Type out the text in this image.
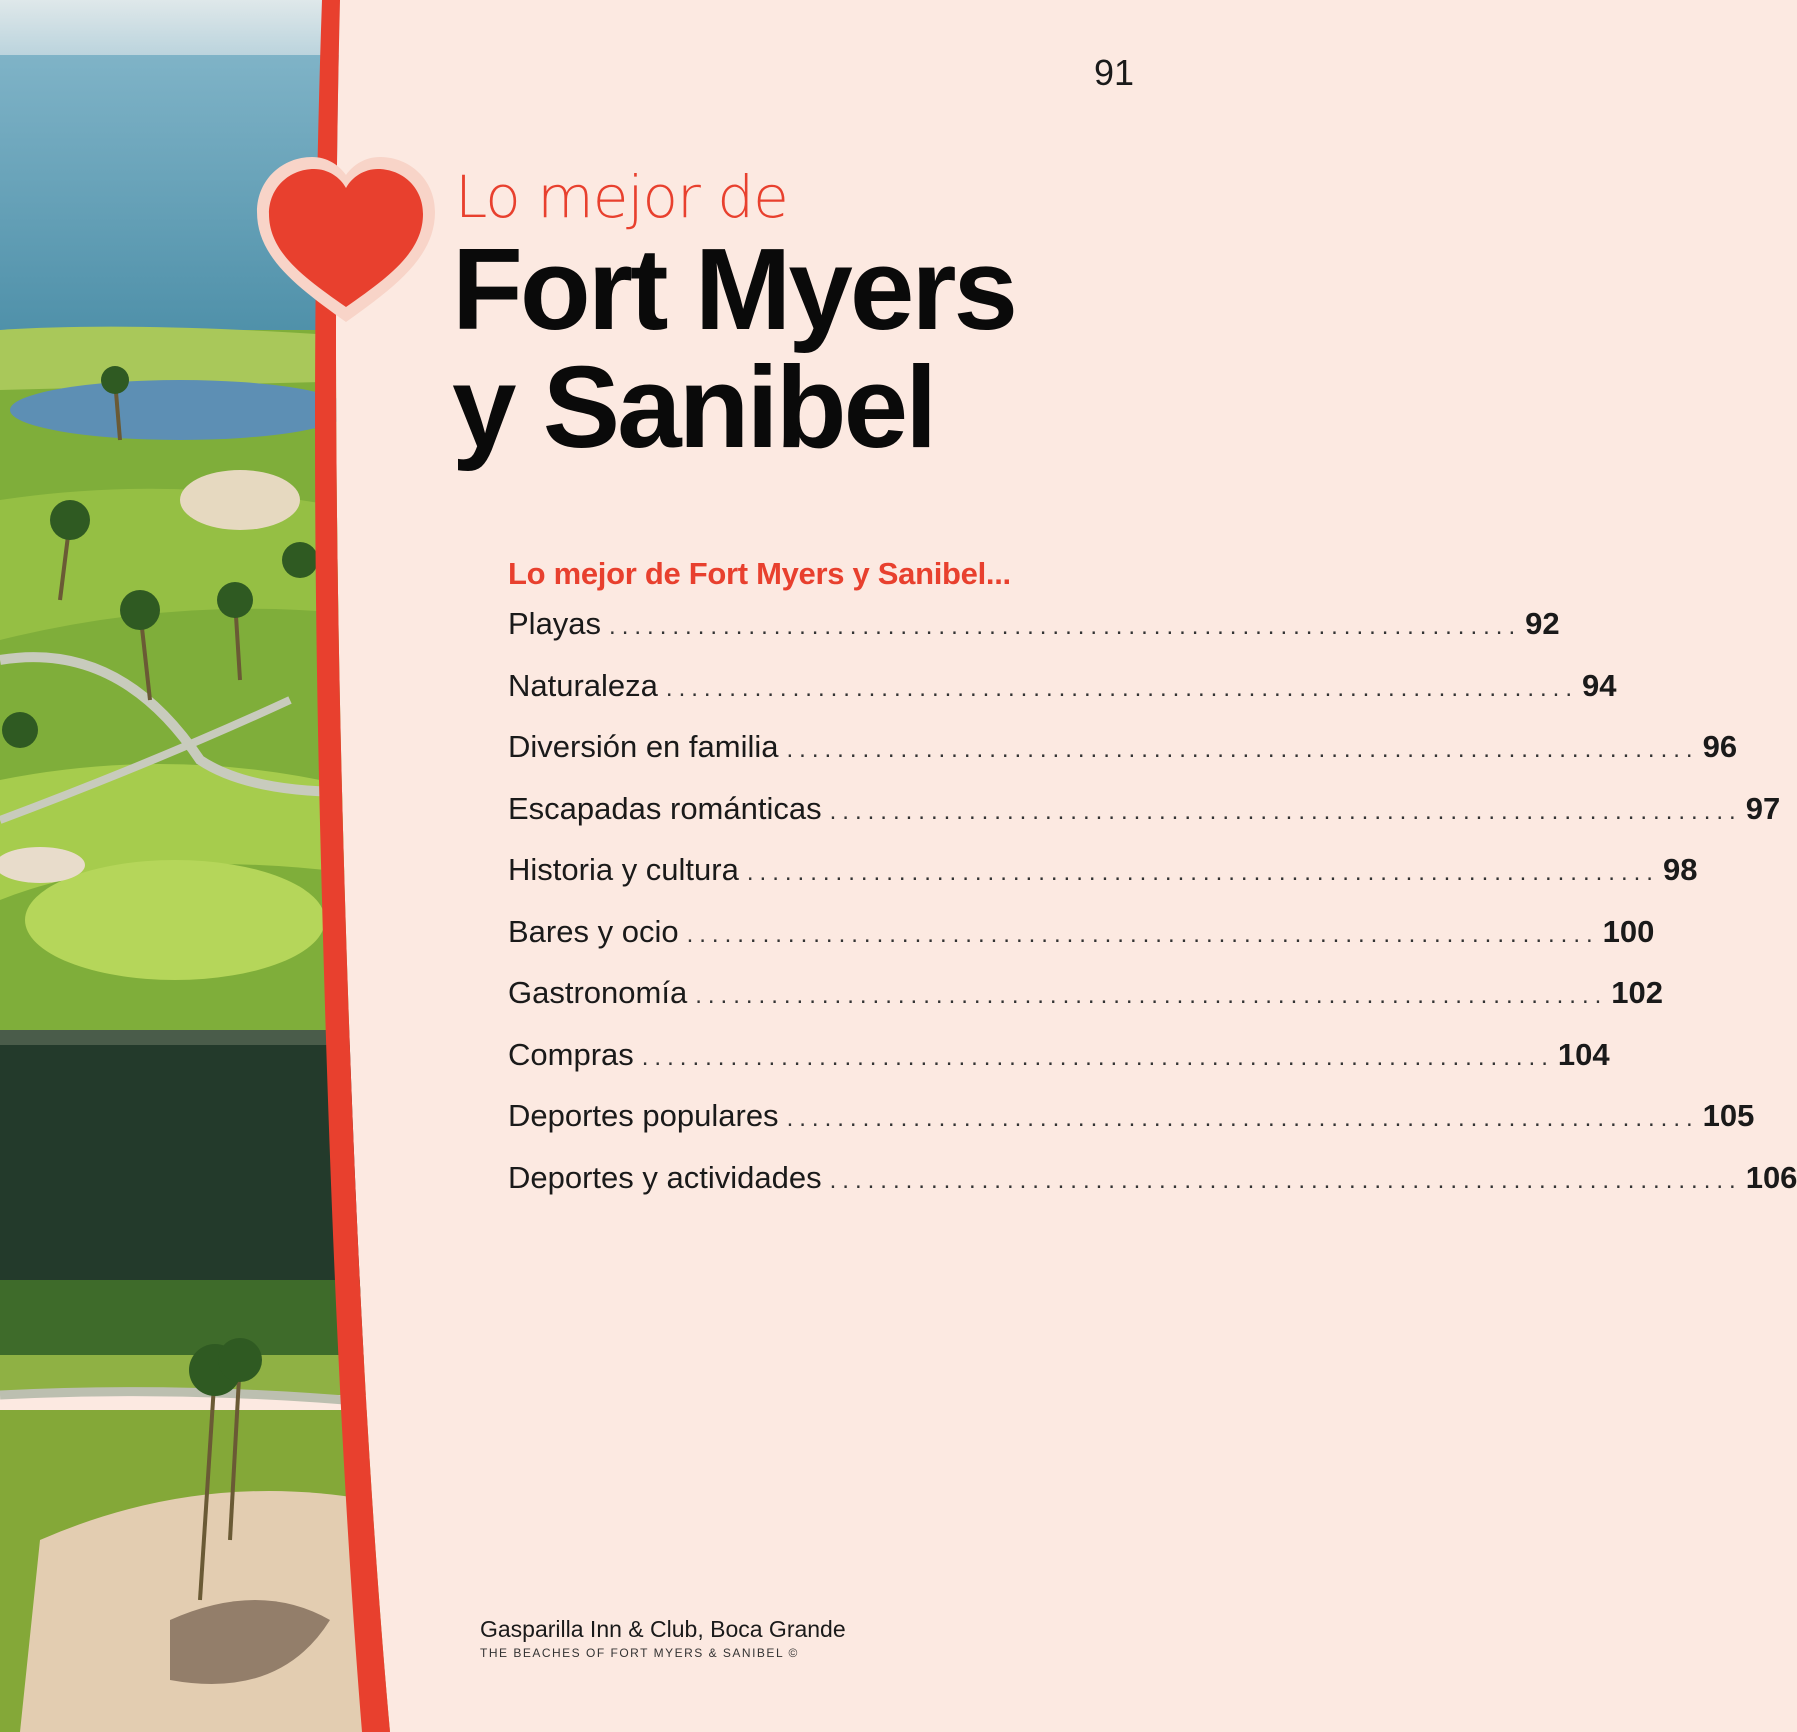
91
Lo mejor de
Fort Myers
y Sanibel
Lo mejor de Fort Myers y Sanibel...
Playas ........................................................................ 92
Naturaleza ........................................................................ 94
Diversión en familia ........................................................................ 96
Escapadas románticas ........................................................................ 97
Historia y cultura ........................................................................ 98
Bares y ocio ........................................................................ 100
Gastronomía ........................................................................ 102
Compras ........................................................................ 104
Deportes populares ........................................................................ 105
Deportes y actividades ........................................................................ 106
Gasparilla Inn & Club, Boca Grande
THE BEACHES OF FORT MYERS & SANIBEL ©
